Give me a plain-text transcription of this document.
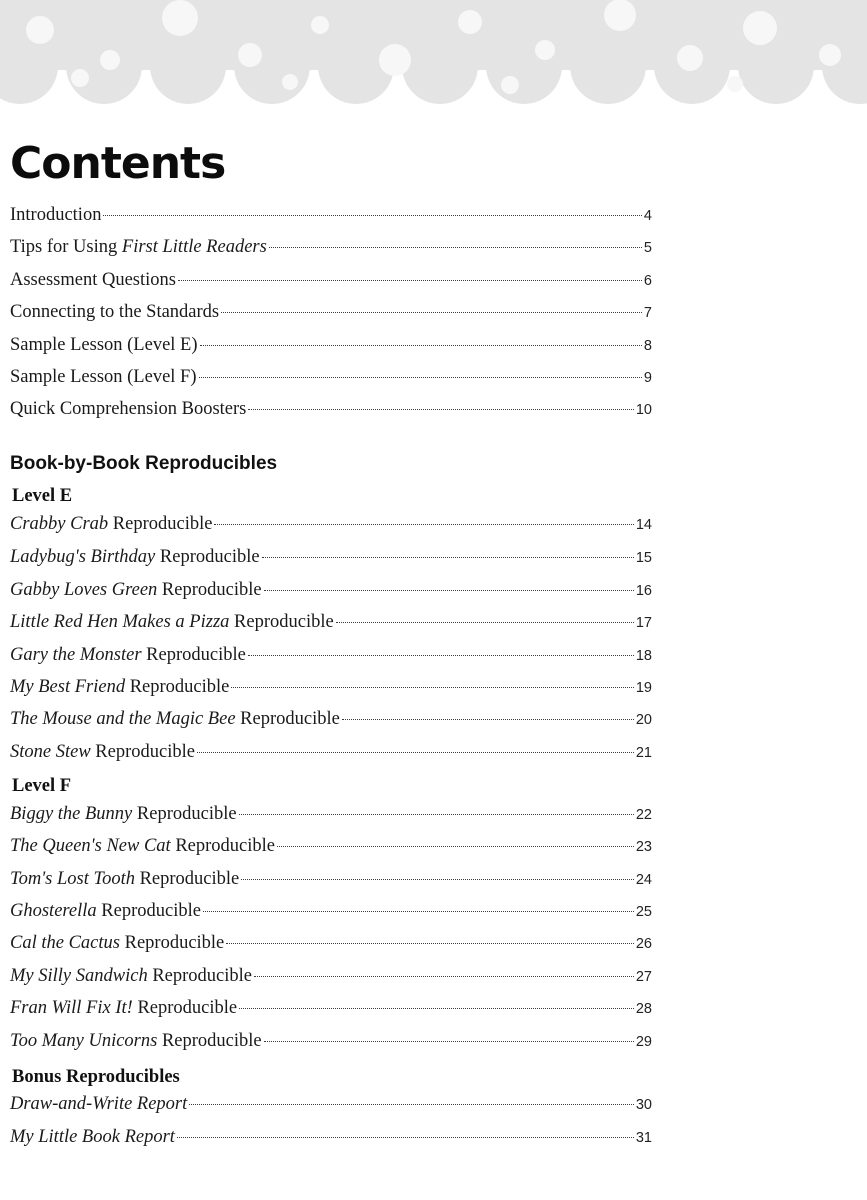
Contents
Introduction	4
Tips for Using First Little Readers	5
Assessment Questions	6
Connecting to the Standards	7
Sample Lesson (Level E)	8
Sample Lesson (Level F)	9
Quick Comprehension Boosters	10
Book-by-Book Reproducibles
Level E
Crabby Crab Reproducible	14
Ladybug's Birthday Reproducible	15
Gabby Loves Green Reproducible	16
Little Red Hen Makes a Pizza Reproducible	17
Gary the Monster Reproducible	18
My Best Friend Reproducible	19
The Mouse and the Magic Bee Reproducible	20
Stone Stew Reproducible	21
Level F
Biggy the Bunny Reproducible	22
The Queen's New Cat Reproducible	23
Tom's Lost Tooth Reproducible	24
Ghosterella Reproducible	25
Cal the Cactus Reproducible	26
My Silly Sandwich Reproducible	27
Fran Will Fix It! Reproducible	28
Too Many Unicorns Reproducible	29
Bonus Reproducibles
Draw-and-Write Report	30
My Little Book Report	31
